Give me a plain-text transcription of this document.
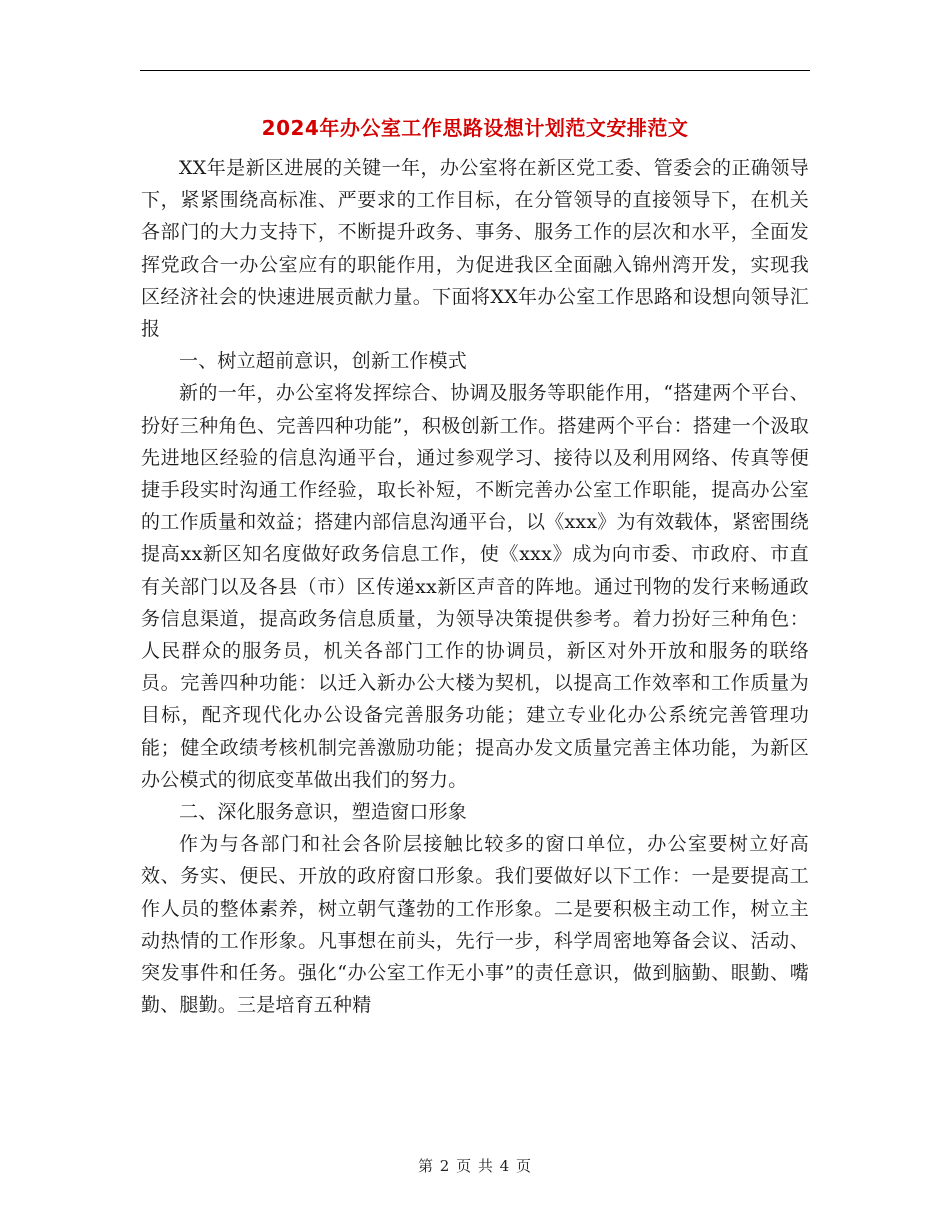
2024年办公室工作思路设想计划范文安排范文

XX年是新区进展的关键一年，办公室将在新区党工委、管委会的正确领导下，紧紧围绕高标准、严要求的工作目标，在分管领导的直接领导下，在机关各部门的大力支持下，不断提升政务、事务、服务工作的层次和水平，全面发挥党政合一办公室应有的职能作用，为促进我区全面融入锦州湾开发，实现我区经济社会的快速进展贡献力量。下面将XX年办公室工作思路和设想向领导汇报

一、树立超前意识，创新工作模式

新的一年，办公室将发挥综合、协调及服务等职能作用，“搭建两个平台、扮好三种角色、完善四种功能”，积极创新工作。搭建两个平台：搭建一个汲取先进地区经验的信息沟通平台，通过参观学习、接待以及利用网络、传真等便捷手段实时沟通工作经验，取长补短，不断完善办公室工作职能，提高办公室的工作质量和效益；搭建内部信息沟通平台，以《xxx》为有效载体，紧密围绕提高xx新区知名度做好政务信息工作，使《xxx》成为向市委、市政府、市直有关部门以及各县（市）区传递xx新区声音的阵地。通过刊物的发行来畅通政务信息渠道，提高政务信息质量，为领导决策提供参考。着力扮好三种角色：人民群众的服务员，机关各部门工作的协调员，新区对外开放和服务的联络员。完善四种功能：以迁入新办公大楼为契机，以提高工作效率和工作质量为目标，配齐现代化办公设备完善服务功能；建立专业化办公系统完善管理功能；健全政绩考核机制完善激励功能；提高办发文质量完善主体功能，为新区办公模式的彻底变革做出我们的努力。

二、深化服务意识，塑造窗口形象

作为与各部门和社会各阶层接触比较多的窗口单位，办公室要树立好高效、务实、便民、开放的政府窗口形象。我们要做好以下工作：一是要提高工作人员的整体素养，树立朝气蓬勃的工作形象。二是要积极主动工作，树立主动热情的工作形象。凡事想在前头，先行一步，科学周密地筹备会议、活动、突发事件和任务。强化“办公室工作无小事”的责任意识，做到脑勤、眼勤、嘴勤、腿勤。三是培育五种精

第 2 页 共 4 页
